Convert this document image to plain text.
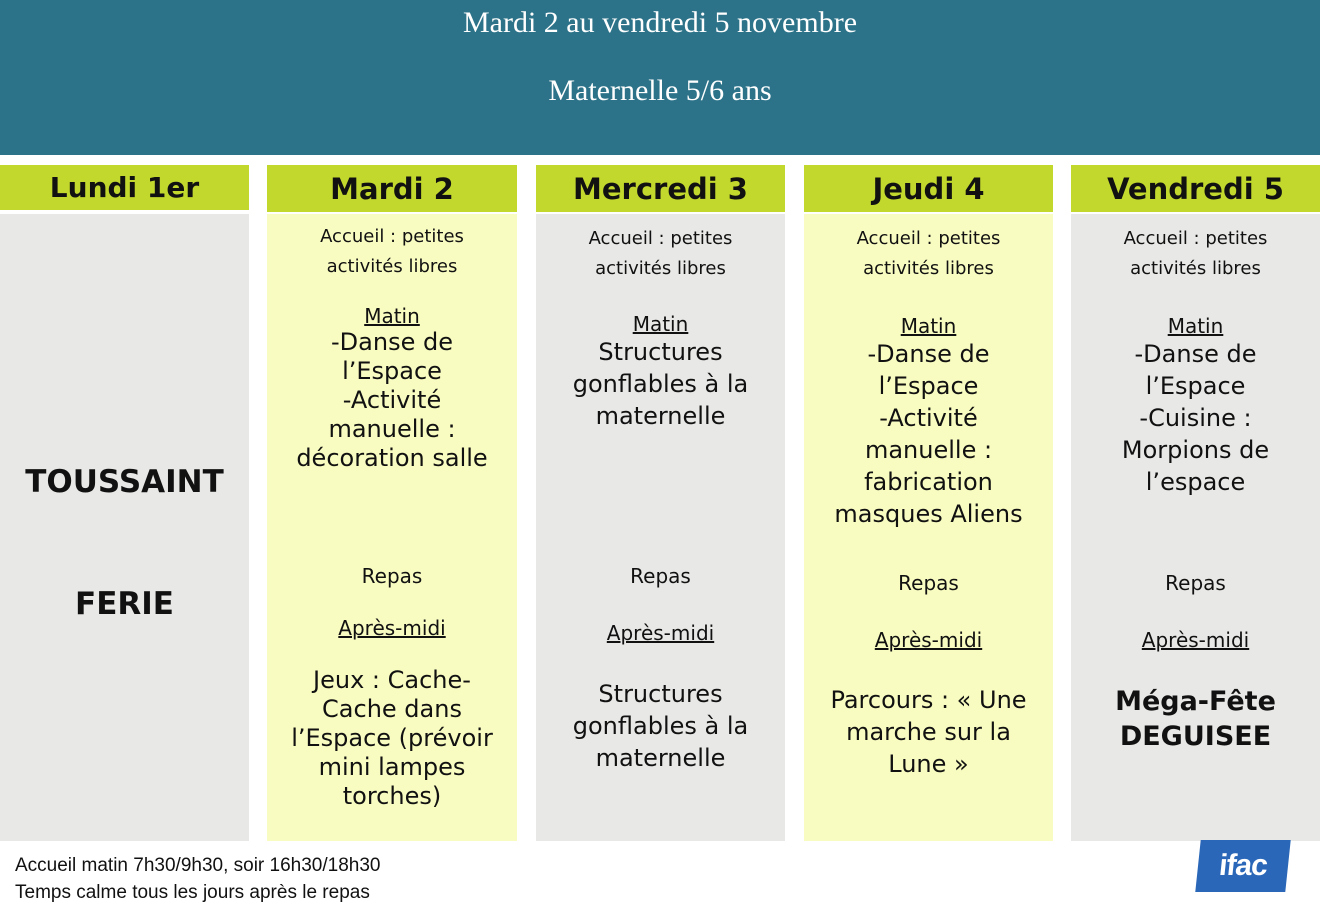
Mardi 2 au vendredi 5 novembre
Maternelle 5/6 ans
Lundi 1er
TOUSSAINT
FERIE
Mardi 2
Accueil : petites
activités libres
Matin
-Danse de
l’Espace
-Activité
manuelle :
décoration salle
Repas
Après-midi
Jeux : Cache-
Cache dans
l’Espace (prévoir
mini lampes
torches)
Mercredi 3
Accueil : petites
activités libres
Matin
Structures
gonflables à la
maternelle
Repas
Après-midi
Structures
gonflables à la
maternelle
Jeudi 4
Accueil : petites
activités libres
Matin
-Danse de
l’Espace
-Activité
manuelle :
fabrication
masques Aliens
Repas
Après-midi
Parcours : « Une
marche sur la
Lune »
Vendredi 5
Accueil : petites
activités libres
Matin
-Danse de
l’Espace
-Cuisine :
Morpions de
l’espace
Repas
Après-midi
Méga-Fête
DEGUISEE
Accueil matin 7h30/9h30, soir 16h30/18h30
Temps calme tous les jours après le repas
ifac
